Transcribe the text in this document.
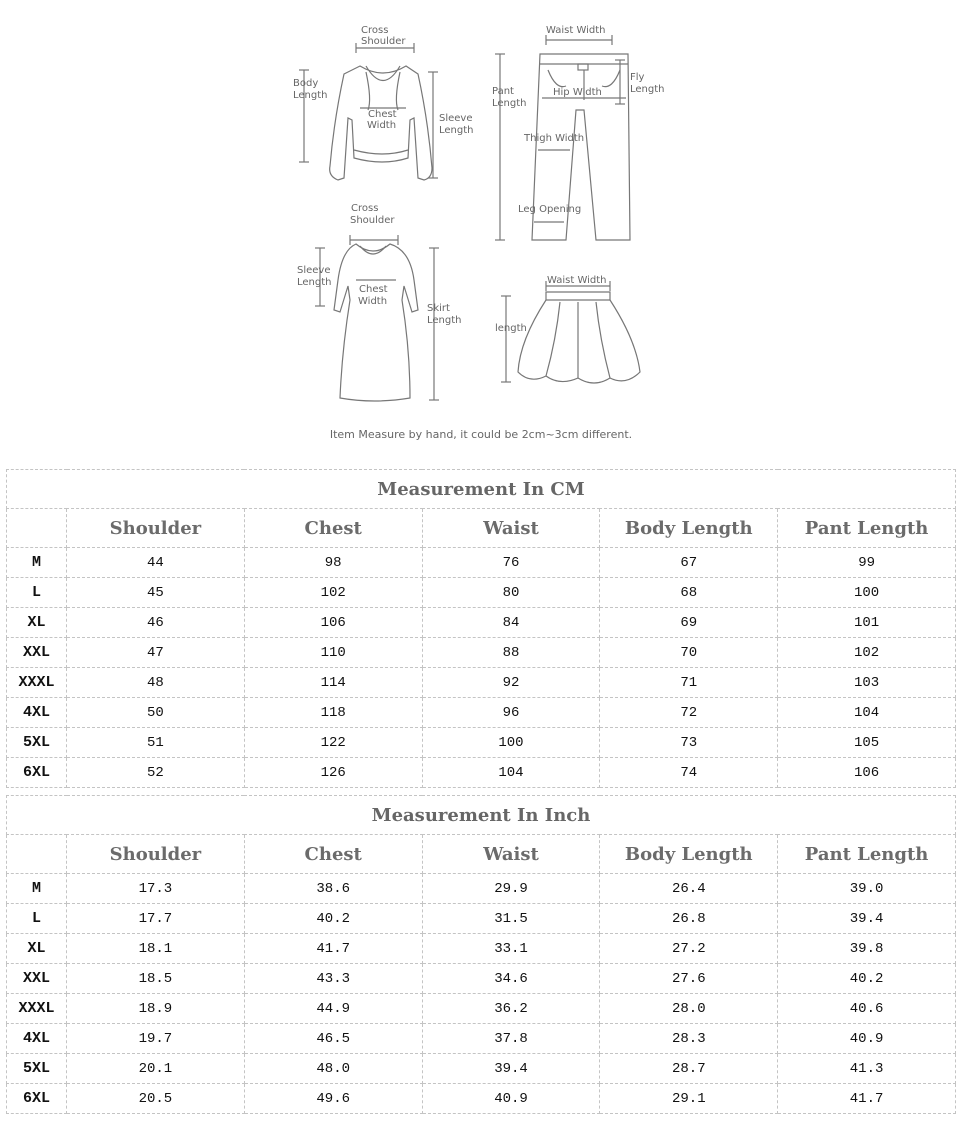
Cross
Shoulder
Body
Length
Chest
Width
Sleeve
Length
Waist Width
Pant
Length
Hip Width
Fly
Length
Thigh Width
Leg Opening
Cross
Shoulder
Sleeve
Length
Chest
Width
Skirt
Length
Waist Width
length
Item Measure by hand, it could be 2cm~3cm different.
Measurement In CM					
	Shoulder	Chest	Waist	Body Length	Pant Length
M	44	98	76	67	99
L	45	102	80	68	100
XL	46	106	84	69	101
XXL	47	110	88	70	102
XXXL	48	114	92	71	103
4XL	50	118	96	72	104
5XL	51	122	100	73	105
6XL	52	126	104	74	106
Measurement In Inch					
	Shoulder	Chest	Waist	Body Length	Pant Length
M	17.3	38.6	29.9	26.4	39.0
L	17.7	40.2	31.5	26.8	39.4
XL	18.1	41.7	33.1	27.2	39.8
XXL	18.5	43.3	34.6	27.6	40.2
XXXL	18.9	44.9	36.2	28.0	40.6
4XL	19.7	46.5	37.8	28.3	40.9
5XL	20.1	48.0	39.4	28.7	41.3
6XL	20.5	49.6	40.9	29.1	41.7
